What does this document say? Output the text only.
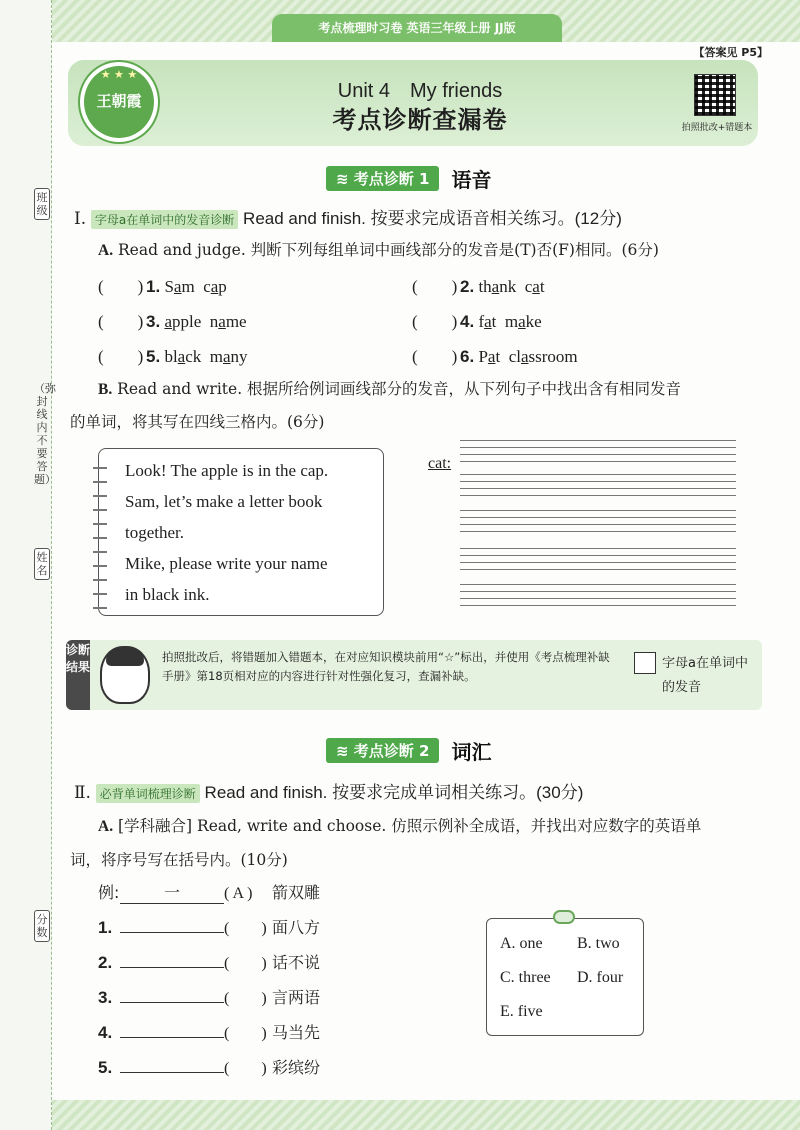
班级
（弥封线内不要答题）
姓名
分数
考点梳理时习卷 英语三年级上册 JJ版
【答案见 P5】
★ ★ ★
王朝霞	Unit 4　My friends
考点诊断查漏卷	拍照批改+错题本
≋ 考点诊断 1	语音
Ⅰ. 字母a在单词中的发音诊断 Read and finish. 按要求完成语音相关练习。(12分)
A. Read and judge. 判断下列每组单词中画线部分的发音是(T)否(F)相同。(6分)
(　　) 1. Sam cap	(　　) 2. thank cat
(　　) 3. apple name	(　　) 4. fat make
(　　) 5. black many	(　　) 6. Pat classroom
B. Read and write. 根据所给例词画线部分的发音，从下列句子中找出含有相同发音
的单词，将其写在四线三格内。(6分)
Look! The apple is in the cap.
Sam, let’s make a letter book
together.
Mike, please write your name
in black ink.
cat:
诊断结果
拍照批改后，将错题加入错题本，在对应知识模块前用“☆”标出，并使用《考点梳理补缺手册》第18页相对应的内容进行针对性强化复习，查漏补缺。
字母a在单词中的发音
≋ 考点诊断 2	词汇
Ⅱ. 必背单词梳理诊断 Read and finish. 按要求完成单词相关练习。(30分)
A. [学科融合] Read, write and choose. 仿照示例补全成语，并找出对应数字的英语单
词，将序号写在括号内。(10分)
例:	一	( A ) 箭双雕
1.	(　　) 面八方
2.	(　　) 话不说
3.	(　　) 言两语
4.	(　　) 马当先
5.	(　　) 彩缤纷
A. one B. two
C. three D. four
E. five
